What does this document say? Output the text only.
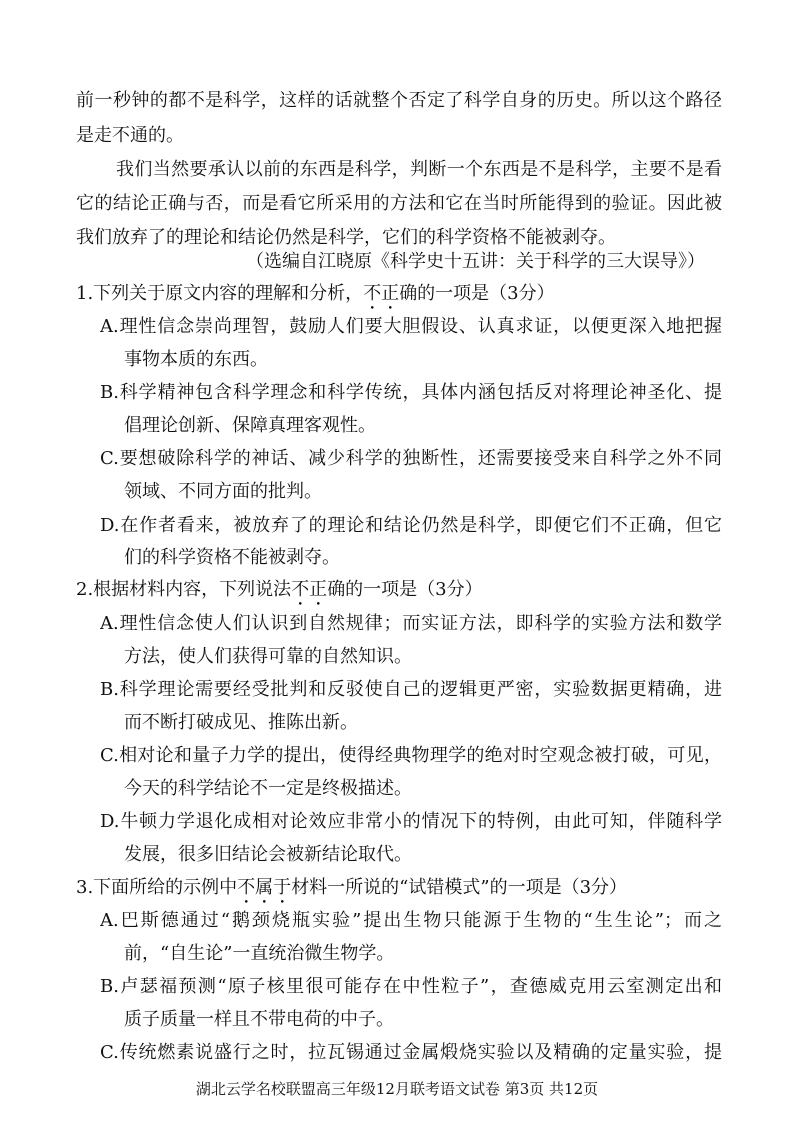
前一秒钟的都不是科学，这样的话就整个否定了科学自身的历史。所以这个路径
是走不通的。
我们当然要承认以前的东西是科学，判断一个东西是不是科学，主要不是看
它的结论正确与否，而是看它所采用的方法和它在当时所能得到的验证。因此被
我们放弃了的理论和结论仍然是科学，它们的科学资格不能被剥夺。
（选编自江晓原《科学史十五讲：关于科学的三大误导》）
1.下列关于原文内容的理解和分析，不正确的一项是（3分）
A.理性信念崇尚理智，鼓励人们要大胆假设、认真求证，以便更深入地把握
事物本质的东西。
B.科学精神包含科学理念和科学传统，具体内涵包括反对将理论神圣化、提
倡理论创新、保障真理客观性。
C.要想破除科学的神话、减少科学的独断性，还需要接受来自科学之外不同
领域、不同方面的批判。
D.在作者看来，被放弃了的理论和结论仍然是科学，即便它们不正确，但它
们的科学资格不能被剥夺。
2.根据材料内容，下列说法不正确的一项是（3分）
A.理性信念使人们认识到自然规律；而实证方法，即科学的实验方法和数学
方法，使人们获得可靠的自然知识。
B.科学理论需要经受批判和反驳使自己的逻辑更严密，实验数据更精确，进
而不断打破成见、推陈出新。
C.相对论和量子力学的提出，使得经典物理学的绝对时空观念被打破，可见，
今天的科学结论不一定是终极描述。
D.牛顿力学退化成相对论效应非常小的情况下的特例，由此可知，伴随科学
发展，很多旧结论会被新结论取代。
3.下面所给的示例中不属于材料一所说的“试错模式”的一项是（3分）
A.巴斯德通过“鹅颈烧瓶实验”提出生物只能源于生物的“生生论”；而之
前，“自生论”一直统治微生物学。
B.卢瑟福预测“原子核里很可能存在中性粒子”，查德威克用云室测定出和
质子质量一样且不带电荷的中子。
C.传统燃素说盛行之时，拉瓦锡通过金属煅烧实验以及精确的定量实验，提
湖北云学名校联盟高三年级12月联考语文试卷 第3页 共12页
